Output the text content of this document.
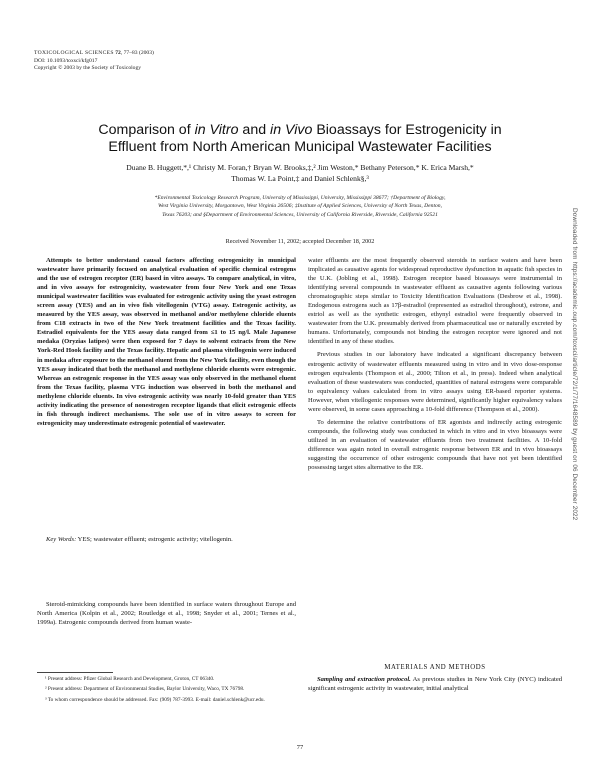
TOXICOLOGICAL SCIENCES 72, 77–83 (2003)
DOI: 10.1093/toxsci/kfg017
Copyright © 2003 by the Society of Toxicology
Comparison of in Vitro and in Vivo Bioassays for Estrogenicity in
Effluent from North American Municipal Wastewater Facilities
Duane B. Huggett,*,¹ Christy M. Foran,† Bryan W. Brooks,‡,² Jim Weston,* Bethany Peterson,* K. Erica Marsh,*
Thomas W. La Point,‡ and Daniel Schlenk§,³
*Environmental Toxicology Research Program, University of Mississippi, University, Mississippi 38677; †Department of Biology,
West Virginia University, Morgantown, West Virginia 26506; ‡Institute of Applied Sciences, University of North Texas, Denton,
Texas 76203; and §Department of Environmental Sciences, University of California Riverside, Riverside, California 92521
Received November 11, 2002; accepted December 18, 2002
Attempts to better understand causal factors affecting estrogenicity in municipal wastewater have primarily focused on analytical evaluation of specific chemical estrogens and the use of estrogen receptor (ER) based in vitro assays. To compare analytical, in vitro, and in vivo assays for estrogenicity, wastewater from four New York and one Texas municipal wastewater facilities was evaluated for estrogenic activity using the yeast estrogen screen assay (YES) and an in vivo fish vitellogenin (VTG) assay. Estrogenic activity, as measured by the YES assay, was observed in methanol and/or methylene chloride eluents from C18 extracts in two of the New York treatment facilities and the Texas facility. Estradiol equivalents for the YES assay data ranged from ≤1 to 15 ng/l. Male Japanese medaka (Oryzias latipes) were then exposed for 7 days to solvent extracts from the New York-Red Hook facility and the Texas facility. Hepatic and plasma vitellogenin were induced in medaka after exposure to the methanol eluent from the New York facility, even though the YES assay indicated that both the methanol and methylene chloride eluents were estrogenic. Whereas an estrogenic response in the YES assay was only observed in the methanol eluent from the Texas facility, plasma VTG induction was observed in both the methanol and methylene chloride eluents. In vivo estrogenic activity was nearly 10-fold greater than YES activity indicating the presence of nonestrogen receptor ligands that elicit estrogenic effects in fish through indirect mechanisms. The sole use of in vitro assays to screen for estrogenicity may underestimate estrogenic potential of wastewater.
Key Words: YES; wastewater effluent; estrogenic activity; vitellogenin.

Steroid-mimicking compounds have been identified in surface waters throughout Europe and North America (Kolpin et al., 2002; Routledge et al., 1998; Snyder et al., 2001; Ternes et al., 1999a). Estrogenic compounds derived from human waste-

¹ Present address: Pfizer Global Research and Development, Groton, CT 06340.

² Present address: Department of Environmental Studies, Baylor University, Waco, TX 76798.

³ To whom correspondence should be addressed. Fax: (909) 787-3993. E-mail: daniel.schlenk@ucr.edu.

water effluents are the most frequently observed steroids in surface waters and have been implicated as causative agents for widespread reproductive dysfunction in aquatic fish species in the U.K. (Jobling et al., 1998). Estrogen receptor based bioassays were instrumental in identifying several compounds in wastewater effluent as causative agents following various chromatographic steps similar to Toxicity Identification Evaluations (Desbrow et al., 1998). Endogenous estrogens such as 17β-estradiol (represented as estradiol throughout), estrone, and estriol as well as the synthetic estrogen, ethynyl estradiol were frequently observed in wastewater from the U.K. presumably derived from pharmaceutical use or naturally excreted by humans. Unfortunately, compounds not binding the estrogen receptor were ignored and not identified in any of these studies.

Previous studies in our laboratory have indicated a significant discrepancy between estrogenic activity of wastewater effluents measured using in vitro and in vivo dose-response estrogen equivalents (Thompson et al., 2000; Tilton et al., in press). Indeed when analytical evaluation of these wastewaters was conducted, quantities of natural estrogens were comparable to equivalency values calculated from in vitro assays using ER-based reporter systems. However, when vitellogenic responses were determined, significantly higher equivalency values were observed, in some cases approaching a 10-fold difference (Thompson et al., 2000).

To determine the relative contributions of ER agonists and indirectly acting estrogenic compounds, the following study was conducted in which in vitro and in vivo bioassays were utilized in an evaluation of wastewater effluents from two treatment facilities. A 10-fold difference was again noted in overall estrogenic response between ER and in vivo bioassays suggesting the occurrence of other estrogenic compounds that have not yet been identified possessing target sites alternative to the ER.

MATERIALS AND METHODS
Sampling and extraction protocol. As previous studies in New York City (NYC) indicated significant estrogenic activity in wastewater, initial analytical
77
Downloaded from https://academic.oup.com/toxsci/article/72/1/77/1648589 by guest on 06 December 2022
